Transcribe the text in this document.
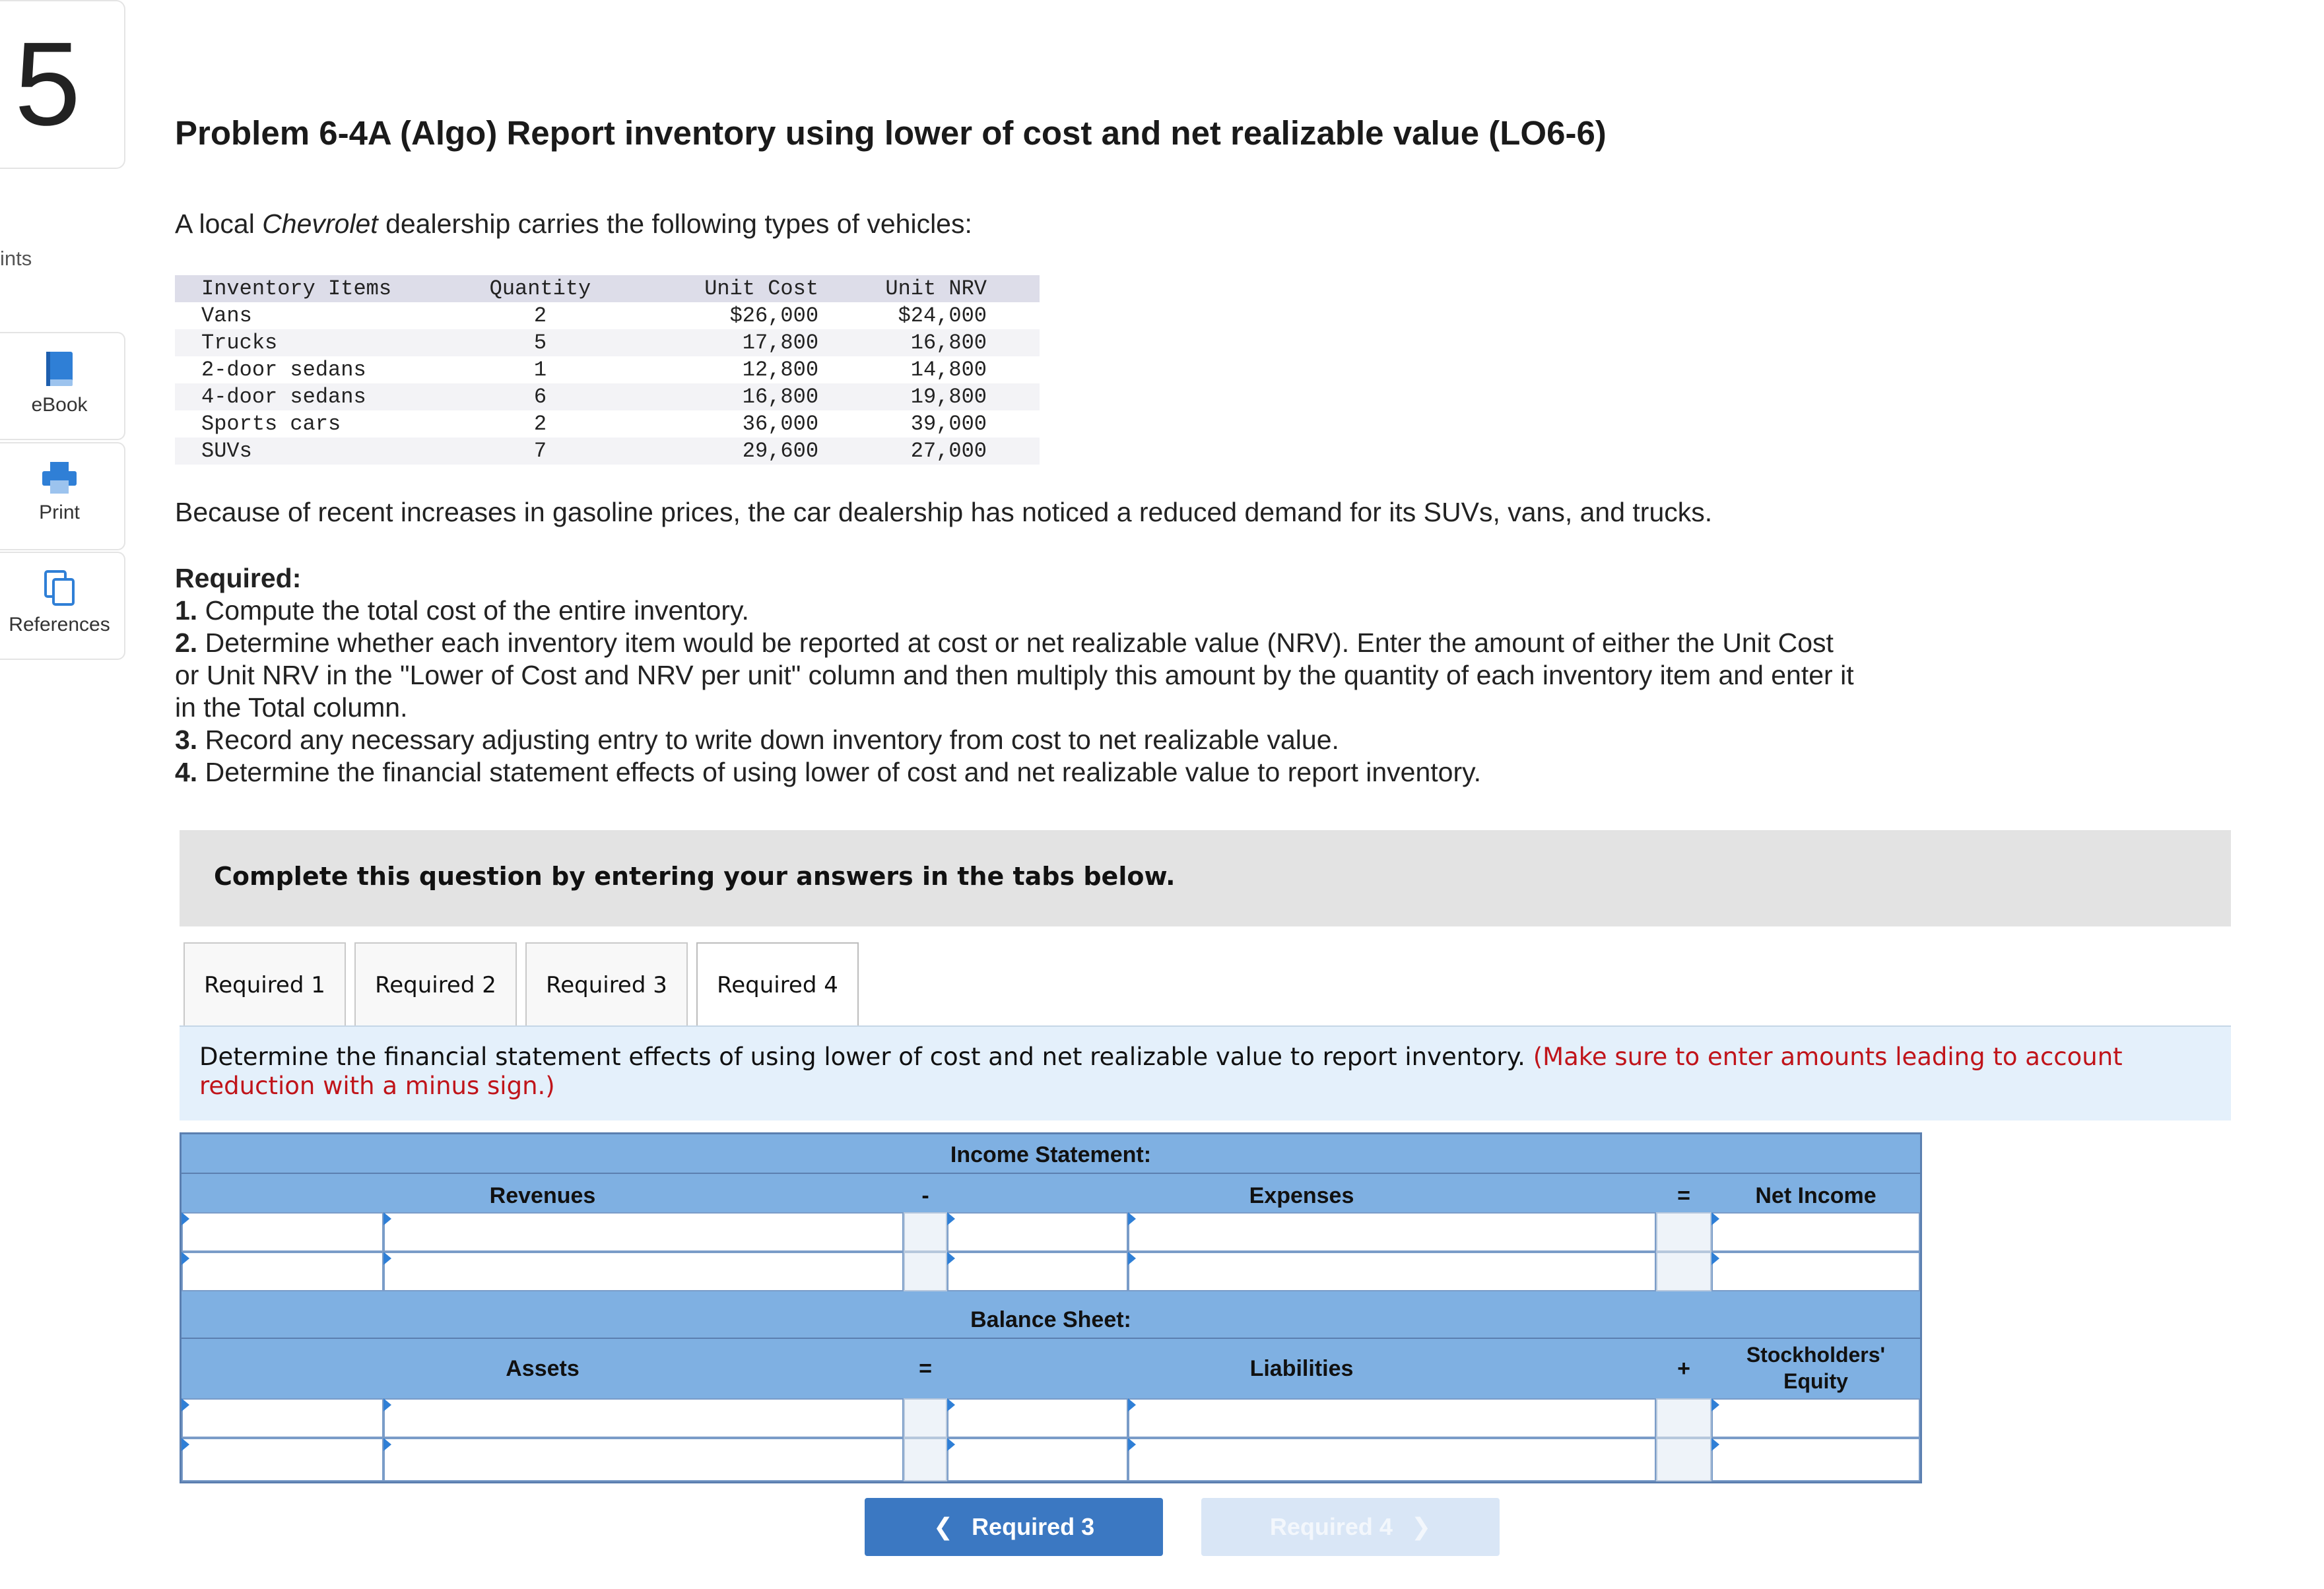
5
ints
eBook
Print
References
Problem 6-4A (Algo) Report inventory using lower of cost and net realizable value (LO6-6)
A local Chevrolet dealership carries the following types of vehicles:
Inventory Items	Quantity	Unit Cost	Unit NRV
Vans	2	$26,000	$24,000
Trucks	5	17,800	16,800
2-door sedans	1	12,800	14,800
4-door sedans	6	16,800	19,800
Sports cars	2	36,000	39,000
SUVs	7	29,600	27,000
Because of recent increases in gasoline prices, the car dealership has noticed a reduced demand for its SUVs, vans, and trucks.
Required:
1. Compute the total cost of the entire inventory.
2. Determine whether each inventory item would be reported at cost or net realizable value (NRV). Enter the amount of either the Unit Cost or Unit NRV in the "Lower of Cost and NRV per unit" column and then multiply this amount by the quantity of each inventory item and enter it in the Total column.
3. Record any necessary adjusting entry to write down inventory from cost to net realizable value.
4. Determine the financial statement effects of using lower of cost and net realizable value to report inventory.
Complete this question by entering your answers in the tabs below.
Required 1	Required 2	Required 3	Required 4

Determine the financial statement effects of using lower of cost and net realizable value to report inventory. (Make sure to enter amounts leading to account reduction with a minus sign.)

Income Statement:
Revenues	-	Expenses	=	Net Income
Balance Sheet:
Assets	=	Liabilities	+
Stockholders' Equity
❮ Required 3	Required 4 ❯
